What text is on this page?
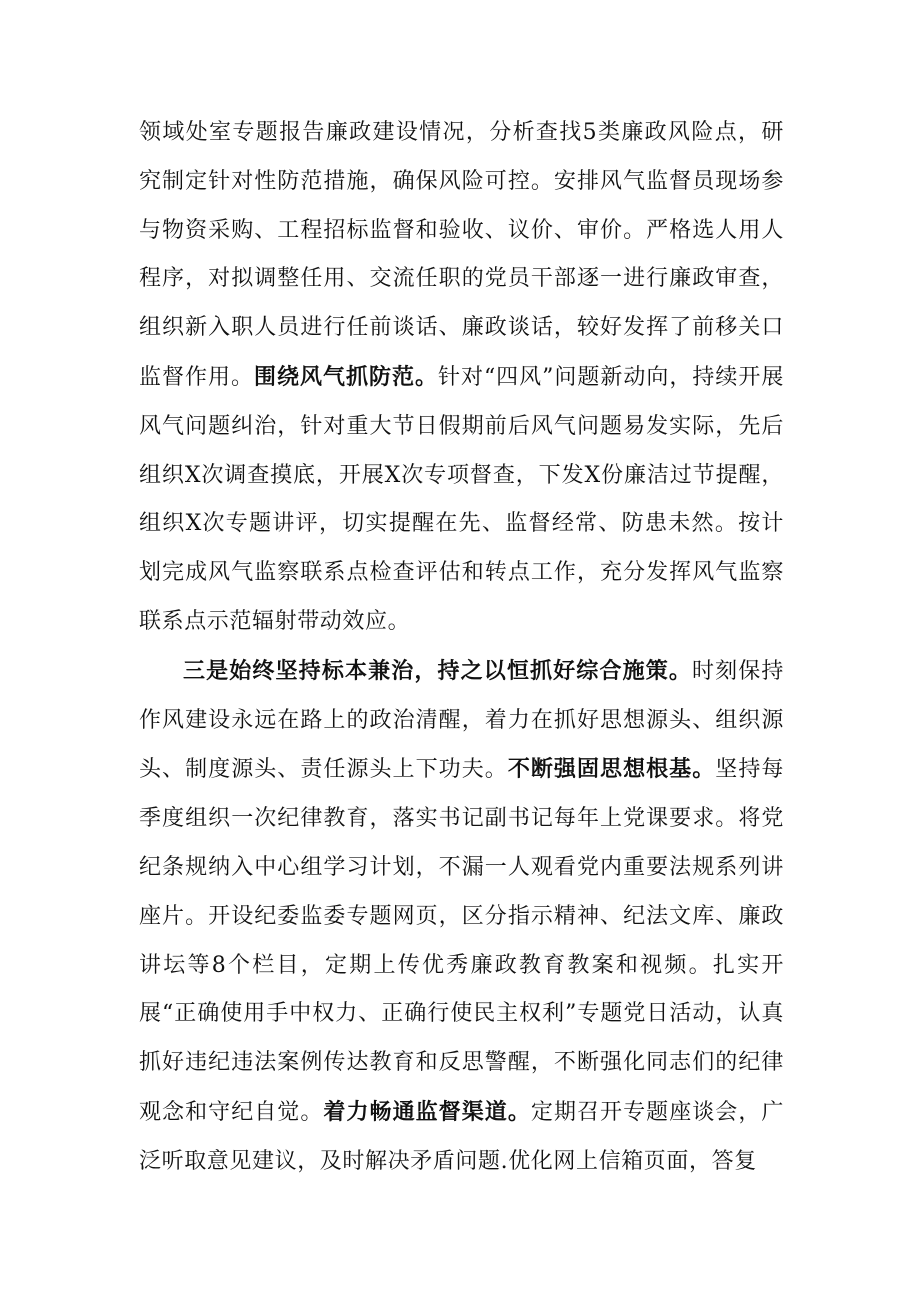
领域处室专题报告廉政建设情况，分析查找5类廉政风险点，研究制定针对性防范措施，确保风险可控。安排风气监督员现场参与物资采购、工程招标监督和验收、议价、审价。严格选人用人程序，对拟调整任用、交流任职的党员干部逐一进行廉政审查，组织新入职人员进行任前谈话、廉政谈话，较好发挥了前移关口监督作用。围绕风气抓防范。针对“四风”问题新动向，持续开展风气问题纠治，针对重大节日假期前后风气问题易发实际，先后组织X次调查摸底，开展X次专项督查，下发X份廉洁过节提醒，组织X次专题讲评，切实提醒在先、监督经常、防患未然。按计划完成风气监察联系点检查评估和转点工作，充分发挥风气监察联系点示范辐射带动效应。

三是始终坚持标本兼治，持之以恒抓好综合施策。时刻保持作风建设永远在路上的政治清醒，着力在抓好思想源头、组织源头、制度源头、责任源头上下功夫。不断强固思想根基。坚持每季度组织一次纪律教育，落实书记副书记每年上党课要求。将党纪条规纳入中心组学习计划，不漏一人观看党内重要法规系列讲座片。开设纪委监委专题网页，区分指示精神、纪法文库、廉政讲坛等8个栏目，定期上传优秀廉政教育教案和视频。扎实开展“正确使用手中权力、正确行使民主权利”专题党日活动，认真抓好违纪违法案例传达教育和反思警醒，不断强化同志们的纪律观念和守纪自觉。着力畅通监督渠道。定期召开专题座谈会，广泛听取意见建议，及时解决矛盾问题.优化网上信箱页面，答复
